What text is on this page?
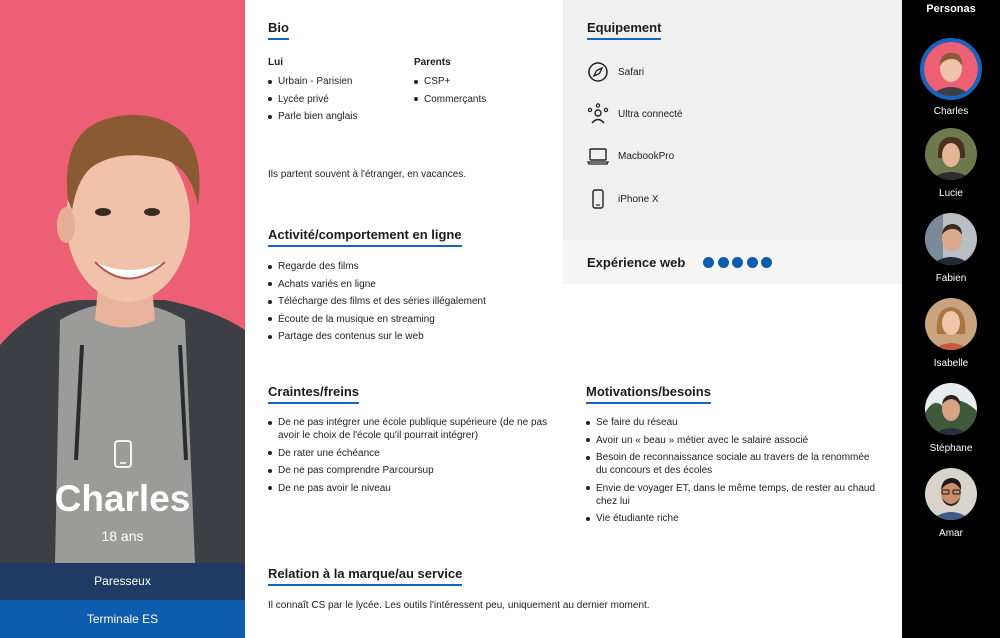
Charles
18 ans
Paresseux
Terminale ES
Bio
Lui
Urbain - Parisien
Lycée privé
Parle bien anglais
Parents
CSP+
Commerçants
Ils partent souvent à l'étranger, en vacances.
Activité/comportement en ligne
Regarde des films
Achats variés en ligne
Télécharge des films et des séries illégalement
Écoute de la musique en streaming
Partage des contenus sur le web
Equipement
Safari
Ultra connecté
MacbookPro
iPhone X
Expérience web
Craintes/freins
De ne pas intégrer une école publique supérieure (de ne pas avoir le choix de l'école qu'il pourrait intégrer)
De rater une échéance
De ne pas comprendre Parcoursup
De ne pas avoir le niveau
Motivations/besoins
Se faire du réseau
Avoir un « beau » métier avec le salaire associé
Besoin de reconnaissance sociale au travers de la renommée du concours et des écoles
Envie de voyager ET, dans le même temps, de rester au chaud chez lui
Vie étudiante riche
Relation à la marque/au service
Il connaît CS par le lycée. Les outils l'intéressent peu, uniquement au dernier moment.
Personas
Charles
Lucie
Fabien
Isabelle
Stéphane
Amar
